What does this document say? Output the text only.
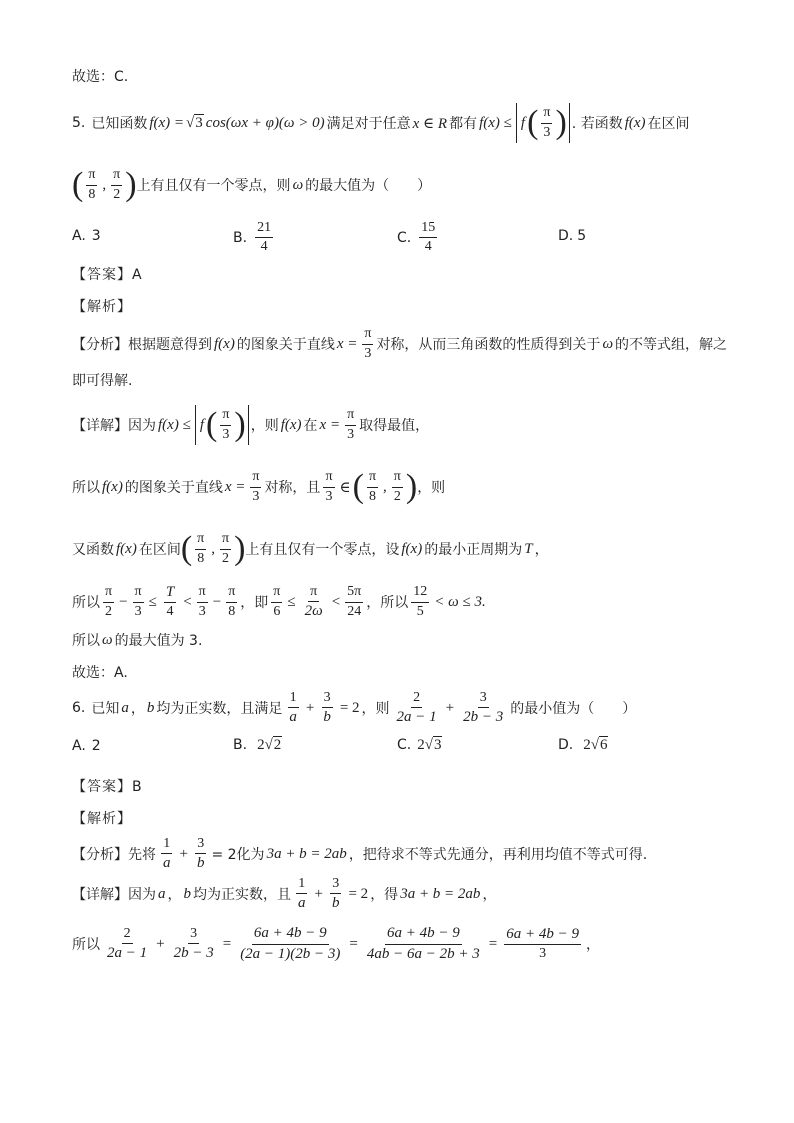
故选：C.
5. 已知函数 f(x) = √ 3 cos(ωx + φ)(ω > 0) 满足对于任意 x ∈ R 都有 f(x) ≤ f ( $\frac{\pi}{3}$ ) . 若函数 f(x) 在区间
( $\frac{\pi}{8}$ , $\frac{\pi}{2}$ ) 上有且仅有一个零点，则 ω 的最大值为（　　）
A. 3	B. $\frac{21}{4}$	C. $\frac{15}{4}$	D. 5
【答案】A
【解析】
【分析】根据题意得到 f(x) 的图象关于直线 $x = \frac{\pi}{3}$ 对称，从而三角函数的性质得到关于 ω 的不等式组，解之
即可得解.
【详解】因为 f(x) ≤ f ( $\frac{\pi}{3}$ ) ，则 f(x) 在 $x = \frac{\pi}{3}$ 取得最值，
所以 f(x) 的图象关于直线 $x = \frac{\pi}{3}$ 对称，且 $\frac{\pi}{3}$ ∈ ( $\frac{\pi}{8}$ , $\frac{\pi}{2}$ ) ，则
又函数 f(x) 在区间 ( $\frac{\pi}{8}$ , $\frac{\pi}{2}$ ) 上有且仅有一个零点，设 f(x) 的最小正周期为 T ，
所以 $\frac{\pi}{2} - \frac{\pi}{3} \le \frac{T}{4} < \frac{\pi}{3} - \frac{\pi}{8}$ ，即 $\frac{\pi}{6} \le \frac{\pi}{2\omega} < \frac{5\pi}{24}$ ，所以 $\frac{12}{5} < \omega \le 3$.
所以 ω 的最大值为 3.
故选：A.
6. 已知 a ， b 均为正实数，且满足 $\frac{1}{a} + \frac{3}{b} = 2$ ，则 $\frac{2}{2a - 1} + \frac{3}{2b - 3}$ 的最小值为（　　）
A. 2	B. 2 √ 2	C. 2 √ 3	D. 2 √ 6
【答案】B
【解析】
【分析】先将 $\frac{1}{a} + \frac{3}{b} = 2$化为 3a + b = 2ab ，把待求不等式先通分，再利用均值不等式可得.
【详解】因为 a ， b 均为正实数，且 $\frac{1}{a} + \frac{3}{b} = 2$ ，得 3a + b = 2ab ，
所以 $\frac{2}{2a - 1} + \frac{3}{2b - 3} = \frac{6a + 4b - 9}{(2a - 1)(2b - 3)} = \frac{6a + 4b - 9}{4ab - 6a - 2b + 3} = \frac{6a + 4b - 9}{3}$ ，
